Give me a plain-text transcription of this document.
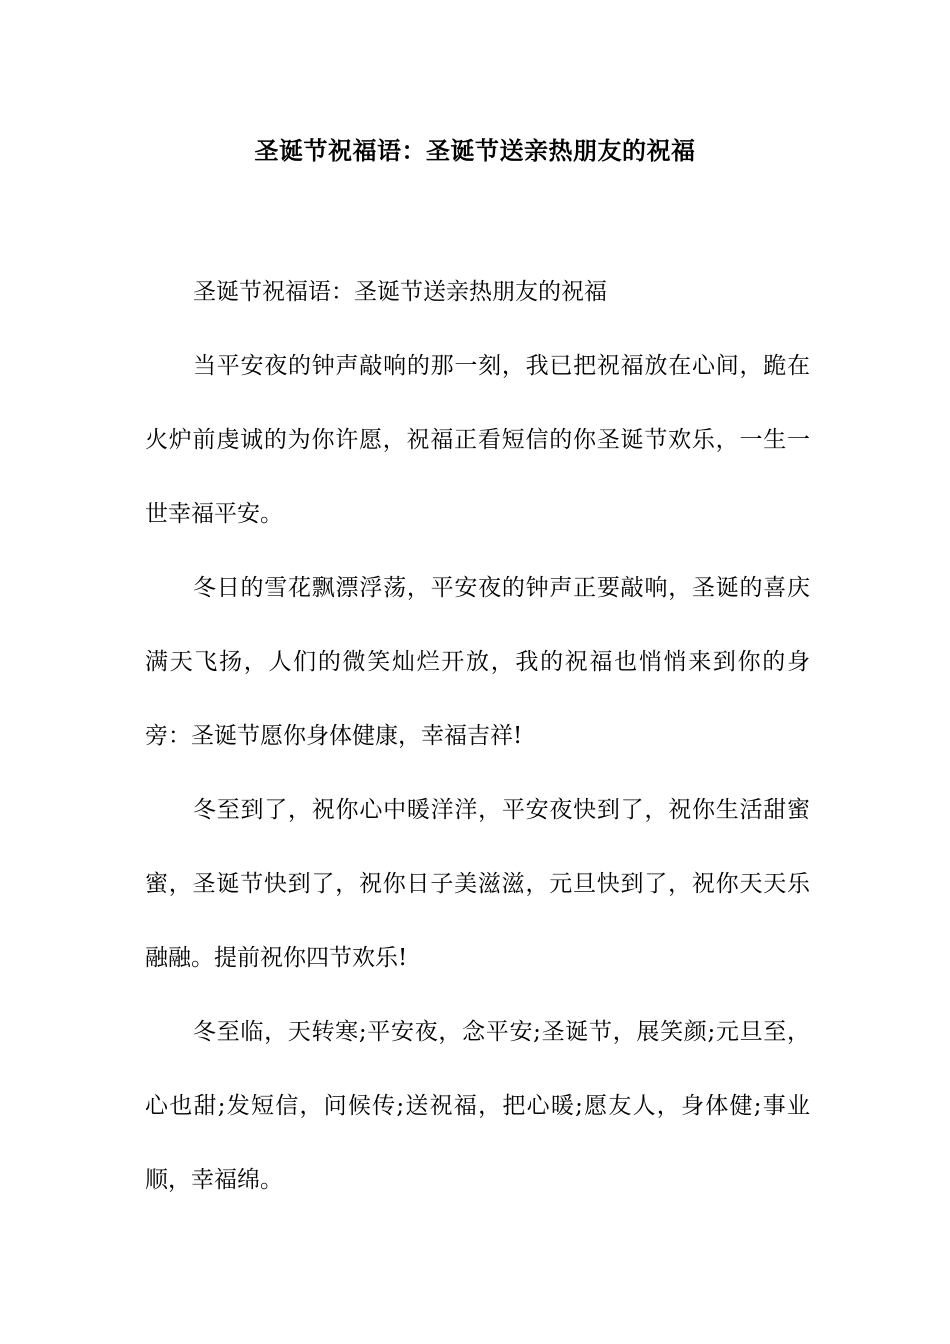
圣诞节祝福语：圣诞节送亲热朋友的祝福

圣诞节祝福语：圣诞节送亲热朋友的祝福

当平安夜的钟声敲响的那一刻，我已把祝福放在心间，跪在火炉前虔诚的为你许愿，祝福正看短信的你圣诞节欢乐，一生一世幸福平安。

冬日的雪花飘漂浮荡，平安夜的钟声正要敲响，圣诞的喜庆满天飞扬，人们的微笑灿烂开放，我的祝福也悄悄来到你的身旁：圣诞节愿你身体健康，幸福吉祥!

冬至到了，祝你心中暖洋洋，平安夜快到了，祝你生活甜蜜蜜，圣诞节快到了，祝你日子美滋滋，元旦快到了，祝你天天乐融融。提前祝你四节欢乐!

冬至临，天转寒;平安夜，念平安;圣诞节，展笑颜;元旦至，心也甜;发短信，问候传;送祝福，把心暖;愿友人，身体健;事业顺，幸福绵。
